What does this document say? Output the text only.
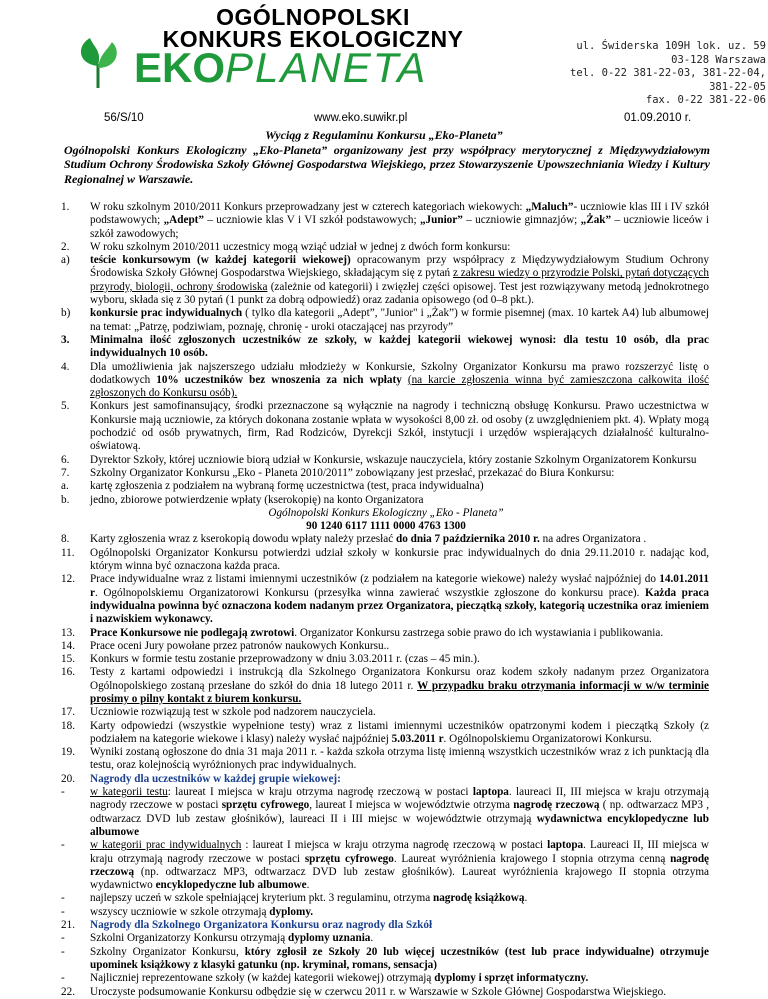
OGÓLNOPOLSKI
KONKURS EKOLOGICZNY
EKOPLANETA	ul. Świderska 109H lok. uz. 59
03-128 Warszawa
tel. 0-22 381-22-03, 381-22-04,
381-22-05
fax. 0-22 381-22-06
56/S/10	www.eko.suwikr.pl	01.09.2010 r.
Wyciąg z Regulaminu Konkursu „Eko-Planeta”
Ogólnopolski Konkurs Ekologiczny „Eko-Planeta” organizowany jest przy współpracy merytorycznej z Międzywydziałowym Studium Ochrony Środowiska Szkoły Głównej Gospodarstwa Wiejskiego, przez Stowarzyszenie Upowszechniania Wiedzy i Kultury Regionalnej w Warszawie.
1. W roku szkolnym 2010/2011 Konkurs przeprowadzany jest w czterech kategoriach wiekowych: „Maluch”- uczniowie klas III i IV szkół podstawowych; „Adept” – uczniowie klas V i VI szkół podstawowych; „Junior” – uczniowie gimnazjów; „Żak” – uczniowie liceów i szkół zawodowych;
2. W roku szkolnym 2010/2011 uczestnicy mogą wziąć udział w jednej z dwóch form konkursu:
a) teście konkursowym (w każdej kategorii wiekowej) opracowanym przy współpracy z Międzywydziałowym Studium Ochrony Środowiska Szkoły Głównej Gospodarstwa Wiejskiego, składającym się z pytań z zakresu wiedzy o przyrodzie Polski, pytań dotyczących przyrody, biologii, ochrony środowiska (zależnie od kategorii) i zwięzłej części opisowej. Test jest rozwiązywany metodą jednokrotnego wyboru, składa się z 30 pytań (1 punkt za dobrą odpowiedź) oraz zadania opisowego (od 0–8 pkt.).
b) konkursie prac indywidualnych ( tylko dla kategorii „Adept”, "Junior" i „Żak”) w formie pisemnej (max. 10 kartek A4) lub albumowej na temat: „Patrzę, podziwiam, poznaję, chronię - uroki otaczającej nas przyrody”
3. Minimalna ilość zgłoszonych uczestników ze szkoły, w każdej kategorii wiekowej wynosi: dla testu 10 osób, dla prac indywidualnych 10 osób.
4. Dla umożliwienia jak najszerszego udziału młodzieży w Konkursie, Szkolny Organizator Konkursu ma prawo rozszerzyć listę o dodatkowych 10% uczestników bez wnoszenia za nich wpłaty (na karcie zgłoszenia winna być zamieszczona całkowita ilość zgłoszonych do Konkursu osób).
5. Konkurs jest samofinansujący, środki przeznaczone są wyłącznie na nagrody i techniczną obsługę Konkursu. Prawo uczestnictwa w Konkursie mają uczniowie, za których dokonana zostanie wpłata w wysokości 8,00 zł. od osoby (z uwzględnieniem pkt. 4). Wpłaty mogą pochodzić od osób prywatnych, firm, Rad Rodziców, Dyrekcji Szkół, instytucji i urzędów wspierających działalność kulturalno-oświatową.
6. Dyrektor Szkoły, której uczniowie biorą udział w Konkursie, wskazuje nauczyciela, który zostanie Szkolnym Organizatorem Konkursu
7. Szkolny Organizator Konkursu „Eko - Planeta 2010/2011” zobowiązany jest przesłać, przekazać do Biura Konkursu:
a. kartę zgłoszenia z podziałem na wybraną formę uczestnictwa (test, praca indywidualna)
b. jedno, zbiorowe potwierdzenie wpłaty (kserokopię) na konto Organizatora
Ogólnopolski Konkurs Ekologiczny „Eko - Planeta”
90 1240 6117 1111 0000 4763 1300
8. Karty zgłoszenia wraz z kserokopią dowodu wpłaty należy przesłać do dnia 7 października 2010 r. na adres Organizatora .
11. Ogólnopolski Organizator Konkursu potwierdzi udział szkoły w konkursie prac indywidualnych do dnia 29.11.2010 r. nadając kod, którym winna być oznaczona każda praca.
12. Prace indywidualne wraz z listami imiennymi uczestników (z podziałem na kategorie wiekowe) należy wysłać najpóźniej do 14.01.2011 r. Ogólnopolskiemu Organizatorowi Konkursu (przesyłka winna zawierać wszystkie zgłoszone do konkursu prace). Każda praca indywidualna powinna być oznaczona kodem nadanym przez Organizatora, pieczątką szkoły, kategorią uczestnika oraz imieniem i nazwiskiem wykonawcy.
13. Prace Konkursowe nie podlegają zwrotowi. Organizator Konkursu zastrzega sobie prawo do ich wystawiania i publikowania.
14. Prace oceni Jury powołane przez patronów naukowych Konkursu..
15. Konkurs w formie testu zostanie przeprowadzony w dniu 3.03.2011 r. (czas – 45 min.).
16. Testy z kartami odpowiedzi i instrukcją dla Szkolnego Organizatora Konkursu oraz kodem szkoły nadanym przez Organizatora Ogólnopolskiego zostaną przesłane do szkół do dnia 18 lutego 2011 r. W przypadku braku otrzymania informacji w w/w terminie prosimy o pilny kontakt z biurem konkursu.
17. Uczniowie rozwiązują test w szkole pod nadzorem nauczyciela.
18. Karty odpowiedzi (wszystkie wypełnione testy) wraz z listami imiennymi uczestników opatrzonymi kodem i pieczątką Szkoły (z podziałem na kategorie wiekowe i klasy) należy wysłać najpóźniej 5.03.2011 r. Ogólnopolskiemu Organizatorowi Konkursu.
19. Wyniki zostaną ogłoszone do dnia 31 maja 2011 r. - każda szkoła otrzyma listę imienną wszystkich uczestników wraz z ich punktacją dla testu, oraz kolejnością wyróżnionych prac indywidualnych.
20. Nagrody dla uczestników w każdej grupie wiekowej:
- w kategorii testu: laureat I miejsca w kraju otrzyma nagrodę rzeczową w postaci laptopa. laureaci II, III miejsca w kraju otrzymają nagrody rzeczowe w postaci sprzętu cyfrowego, laureat I miejsca w województwie otrzyma nagrodę rzeczową ( np. odtwarzacz MP3 , odtwarzacz DVD lub zestaw głośników), laureaci II i III miejsc w województwie otrzymają wydawnictwa encyklopedyczne lub albumowe
- w kategorii prac indywidualnych : laureat I miejsca w kraju otrzyma nagrodę rzeczową w postaci laptopa. Laureaci II, III miejsca w kraju otrzymają nagrody rzeczowe w postaci sprzętu cyfrowego. Laureat wyróżnienia krajowego I stopnia otrzyma cenną nagrodę rzeczową (np. odtwarzacz MP3, odtwarzacz DVD lub zestaw głośników). Laureat wyróżnienia krajowego II stopnia otrzyma wydawnictwo encyklopedyczne lub albumowe.
- najlepszy uczeń w szkole spełniającej kryterium pkt. 3 regulaminu, otrzyma nagrodę książkową.
- wszyscy uczniowie w szkole otrzymają dyplomy.
21. Nagrody dla Szkolnego Organizatora Konkursu oraz nagrody dla Szkół
- Szkolni Organizatorzy Konkursu otrzymają dyplomy uznania.
- Szkolny Organizator Konkursu, który zgłosił ze Szkoły 20 lub więcej uczestników (test lub prace indywidualne) otrzymuje upominek książkowy z klasyki gatunku (np. kryminał, romans, sensacja)
- Najliczniej reprezentowane szkoły (w każdej kategorii wiekowej) otrzymają dyplomy i sprzęt informatyczny.
22. Uroczyste podsumowanie Konkursu odbędzie się w czerwcu 2011 r. w Warszawie w Szkole Głównej Gospodarstwa Wiejskiego.
